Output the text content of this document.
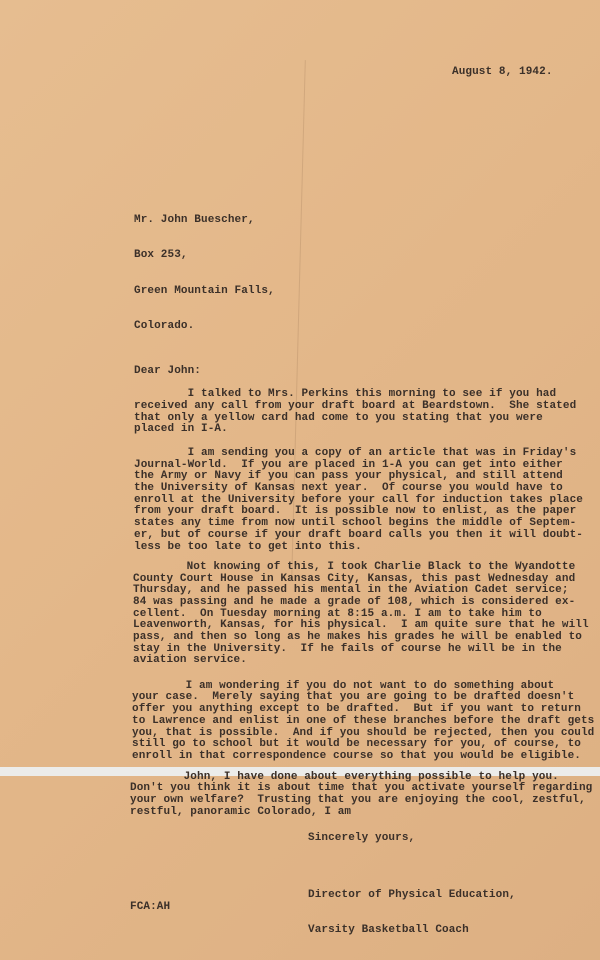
August 8, 1942.

Mr. John Buescher,

Box 253,

Green Mountain Falls,

Colorado.

Dear John:
I talked to Mrs. Perkins this morning to see if you had
received any call from your draft board at Beardstown.  She stated
that only a yellow card had come to you stating that you were
placed in I-A.
I am sending you a copy of an article that was in Friday's
Journal-World.  If you are placed in 1-A you can get into either
the Army or Navy if you can pass your physical, and still attend
the University of Kansas next year.  Of course you would have to
enroll at the University before your call for induction takes place
from your draft board.  It is possible now to enlist, as the paper
states any time from now until school begins the middle of Septem-
er, but of course if your draft board calls you then it will doubt-
less be too late to get into this.
Not knowing of this, I took Charlie Black to the Wyandotte
County Court House in Kansas City, Kansas, this past Wednesday and
Thursday, and he passed his mental in the Aviation Cadet service;
84 was passing and he made a grade of 108, which is considered ex-
cellent.  On Tuesday morning at 8:15 a.m. I am to take him to
Leavenworth, Kansas, for his physical.  I am quite sure that he will
pass, and then so long as he makes his grades he will be enabled to
stay in the University.  If he fails of course he will be in the
aviation service.
I am wondering if you do not want to do something about
your case.  Merely saying that you are going to be drafted doesn't
offer you anything except to be drafted.  But if you want to return
to Lawrence and enlist in one of these branches before the draft gets
you, that is possible.  And if you should be rejected, then you could
still go to school but it would be necessary for you, of course, to
enroll in that correspondence course so that you would be eligible.
John, I have done about everything possible to help you.
Don't you think it is about time that you activate yourself regarding
your own welfare?  Trusting that you are enjoying the cool, zestful,
restful, panoramic Colorado, I am
Sincerely yours,

FCA:AH

Director of Physical Education,

Varsity Basketball Coach
